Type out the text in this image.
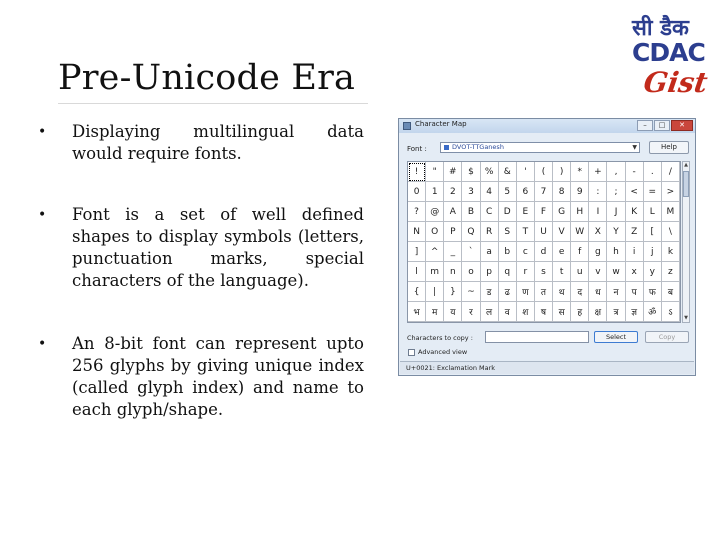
Pre-Unicode Era
• Displaying multilingual data would require fonts.
• Font is a set of well defined shapes to display symbols (letters, punctuation marks, special characters of the language).
• An 8-bit font can represent upto 256 glyphs by giving unique index (called glyph index) and name to each glyph/shape.
सी डैक
CDAC
Gist
Character Map	–	□	✕
Font :	DVOT-TTGanesh	▼	Help
!	"	#	$	%	&	'	(	)	*	+	,	-	.	/
0	1	2	3	4	5	6	7	8	9	:	;	<	=	>
?	@	A	B	C	D	E	F	G	H	I	J	K	L	M
N	O	P	Q	R	S	T	U	V	W	X	Y	Z	[	\
]	^	_	`	a	b	c	d	e	f	g	h	i	j	k
l	m	n	o	p	q	r	s	t	u	v	w	x	y	z
{	|	}	~	ड	ढ	ण	त	थ	द	ध	न	प	फ	ब
भ	म	य	र	ल	व	श	ष	स	ह	क्ष	त्र	ज्ञ	ॐ	ऽ
▲
▼
Characters to copy :	Select	Copy
Advanced view
U+0021: Exclamation Mark
